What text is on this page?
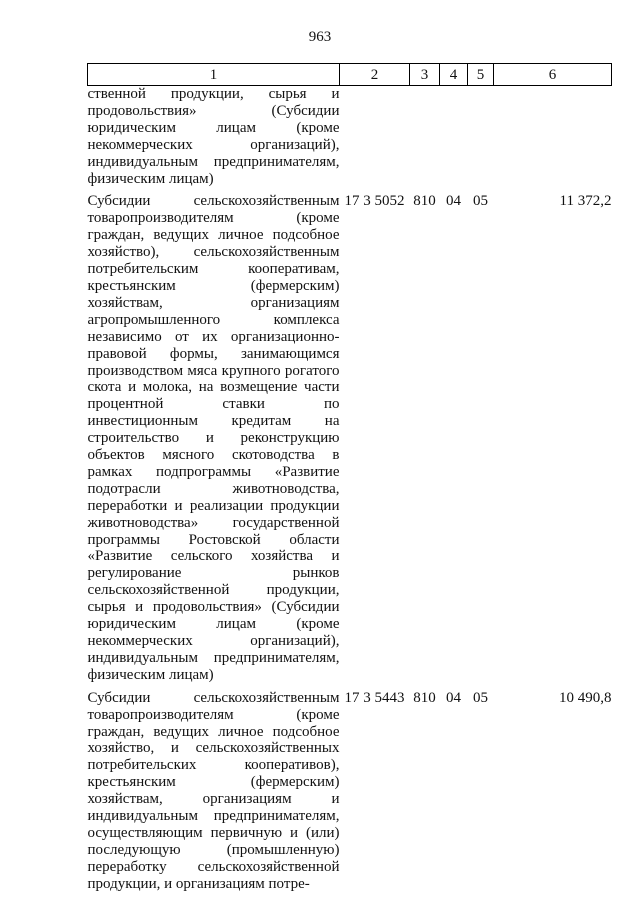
963
1	2	3	4	5	6
ственной продукции, сырья и продовольствия» (Субсидии юридическим лицам (кроме некоммерческих организаций), индивидуальным предпринимателям, физическим лицам)					

Субсидии сельскохозяйственным товаропроизводителям (кроме граждан, ведущих личное подсобное хозяйство), сельскохозяйственным потребительским кооперативам, крестьянским (фермерским) хозяйствам, организациям агропромышленного комплекса независимо от их организационно-правовой формы, занимающимся производством мяса крупного рогатого скота и молока, на возмещение части процентной ставки по инвестиционным кредитам на строительство и реконструкцию объектов мясного скотоводства в рамках подпрограммы «Развитие подотрасли животноводства, переработки и реализации продукции животноводства» государственной программы Ростовской области «Развитие сельского хозяйства и регулирование рынков сельскохозяйственной продукции, сырья и продовольствия» (Субсидии юридическим лицам (кроме некоммерческих организаций), индивидуальным предпринимателям, физическим лицам)	17 3 5052	810	04	05	11 372,2

Субсидии сельскохозяйственным товаропроизводителям (кроме граждан, ведущих личное подсобное хозяйство, и сельскохозяйственных потребительских кооперативов), крестьянским (фермерским) хозяйствам, организациям и индивидуальным предпринимателям, осуществляющим первичную и (или) последующую (промышленную) переработку сельскохозяйственной продукции, и организациям потре-	17 3 5443	810	04	05	10 490,8
